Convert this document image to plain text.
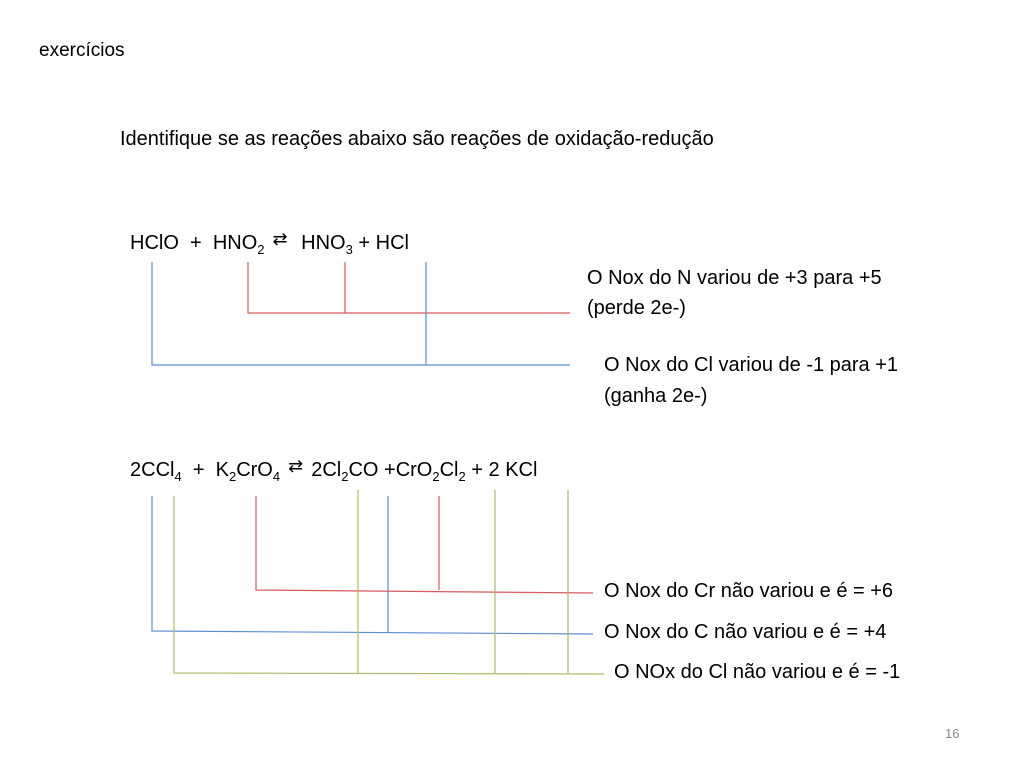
exercícios
Identifique se as reações abaixo são reações de oxidação-redução
HClO + $HNO_2⇄$ $HNO_3$ + HCl
O Nox do N variou de +3 para +5
(perde 2e-)
O Nox do Cl variou de -1 para +1
(ganha 2e-)
$2CCl_4 + K_2CrO_4⇄$ $2Cl_2CO +CrO_2Cl_2 + 2$ KCl
O Nox do Cr não variou e é = +6
O Nox do C não variou e é = +4
O NOx do Cl não variou e é = -1
16
